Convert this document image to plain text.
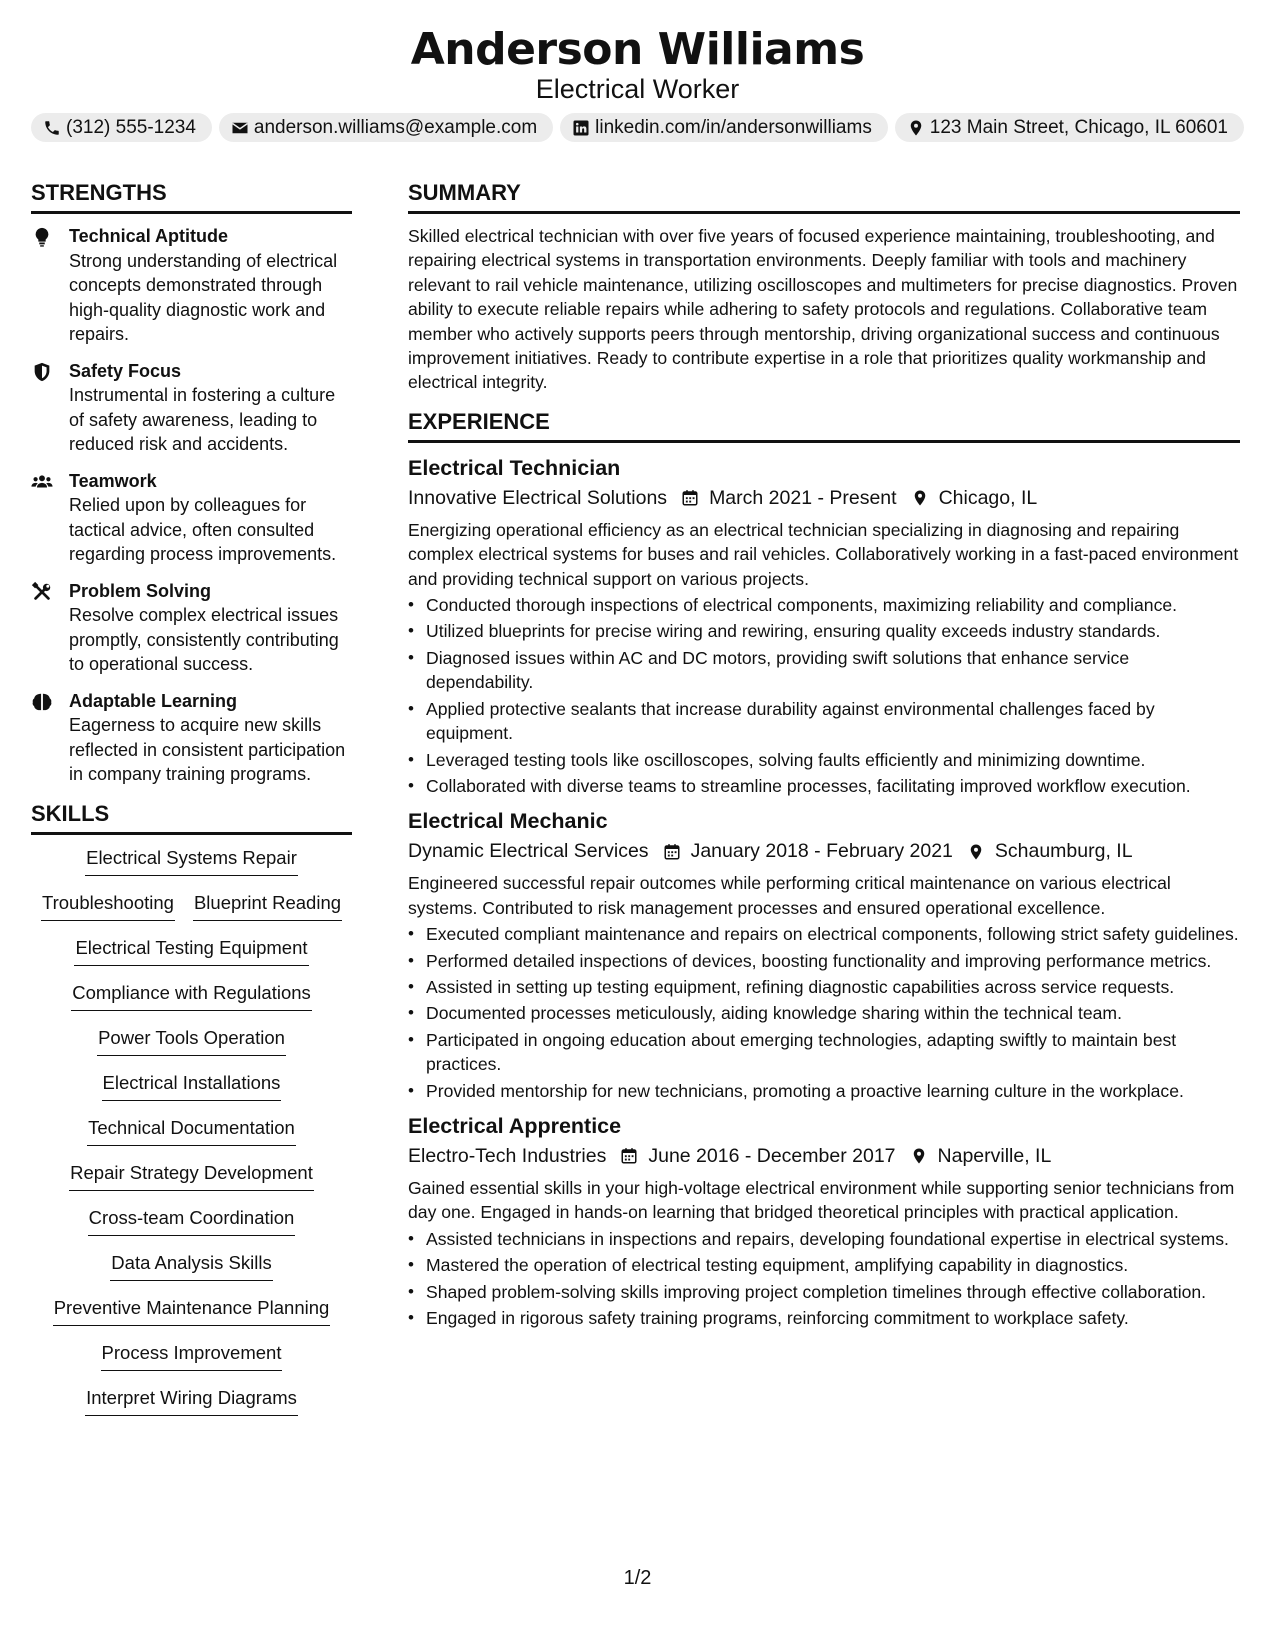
Anderson Williams
Electrical Worker
(312) 555-1234	anderson.williams@example.com	linkedin.com/in/andersonwilliams	123 Main Street, Chicago, IL 60601
STRENGTHS
Technical Aptitude
Strong understanding of electrical concepts demonstrated through high-quality diagnostic work and repairs.
Safety Focus
Instrumental in fostering a culture of safety awareness, leading to reduced risk and accidents.
Teamwork
Relied upon by colleagues for tactical advice, often consulted regarding process improvements.
Problem Solving
Resolve complex electrical issues promptly, consistently contributing to operational success.
Adaptable Learning
Eagerness to acquire new skills reflected in consistent participation in company training programs.
SKILLS
Electrical Systems Repair
Troubleshooting Blueprint Reading
Electrical Testing Equipment
Compliance with Regulations
Power Tools Operation
Electrical Installations
Technical Documentation
Repair Strategy Development
Cross-team Coordination
Data Analysis Skills
Preventive Maintenance Planning
Process Improvement
Interpret Wiring Diagrams
SUMMARY

Skilled electrical technician with over five years of focused experience maintaining, troubleshooting, and repairing electrical systems in transportation environments. Deeply familiar with tools and machinery relevant to rail vehicle maintenance, utilizing oscilloscopes and multimeters for precise diagnostics. Proven ability to execute reliable repairs while adhering to safety protocols and regulations. Collaborative team member who actively supports peers through mentorship, driving organizational success and continuous improvement initiatives. Ready to contribute expertise in a role that prioritizes quality workmanship and electrical integrity.

EXPERIENCE
Electrical Technician
Innovative Electrical Solutions March 2021 - Present Chicago, IL

Energizing operational efficiency as an electrical technician specializing in diagnosing and repairing complex electrical systems for buses and rail vehicles. Collaboratively working in a fast-paced environment and providing technical support on various projects.

• Conducted thorough inspections of electrical components, maximizing reliability and compliance.
• Utilized blueprints for precise wiring and rewiring, ensuring quality exceeds industry standards.
• Diagnosed issues within AC and DC motors, providing swift solutions that enhance service dependability.
• Applied protective sealants that increase durability against environmental challenges faced by equipment.
• Leveraged testing tools like oscilloscopes, solving faults efficiently and minimizing downtime.
• Collaborated with diverse teams to streamline processes, facilitating improved workflow execution.
Electrical Mechanic
Dynamic Electrical Services January 2018 - February 2021 Schaumburg, IL

Engineered successful repair outcomes while performing critical maintenance on various electrical systems. Contributed to risk management processes and ensured operational excellence.

• Executed compliant maintenance and repairs on electrical components, following strict safety guidelines.
• Performed detailed inspections of devices, boosting functionality and improving performance metrics.
• Assisted in setting up testing equipment, refining diagnostic capabilities across service requests.
• Documented processes meticulously, aiding knowledge sharing within the technical team.
• Participated in ongoing education about emerging technologies, adapting swiftly to maintain best practices.
• Provided mentorship for new technicians, promoting a proactive learning culture in the workplace.
Electrical Apprentice
Electro-Tech Industries June 2016 - December 2017 Naperville, IL

Gained essential skills in your high-voltage electrical environment while supporting senior technicians from day one. Engaged in hands-on learning that bridged theoretical principles with practical application.

• Assisted technicians in inspections and repairs, developing foundational expertise in electrical systems.
• Mastered the operation of electrical testing equipment, amplifying capability in diagnostics.
• Shaped problem-solving skills improving project completion timelines through effective collaboration.
• Engaged in rigorous safety training programs, reinforcing commitment to workplace safety.
1/2
